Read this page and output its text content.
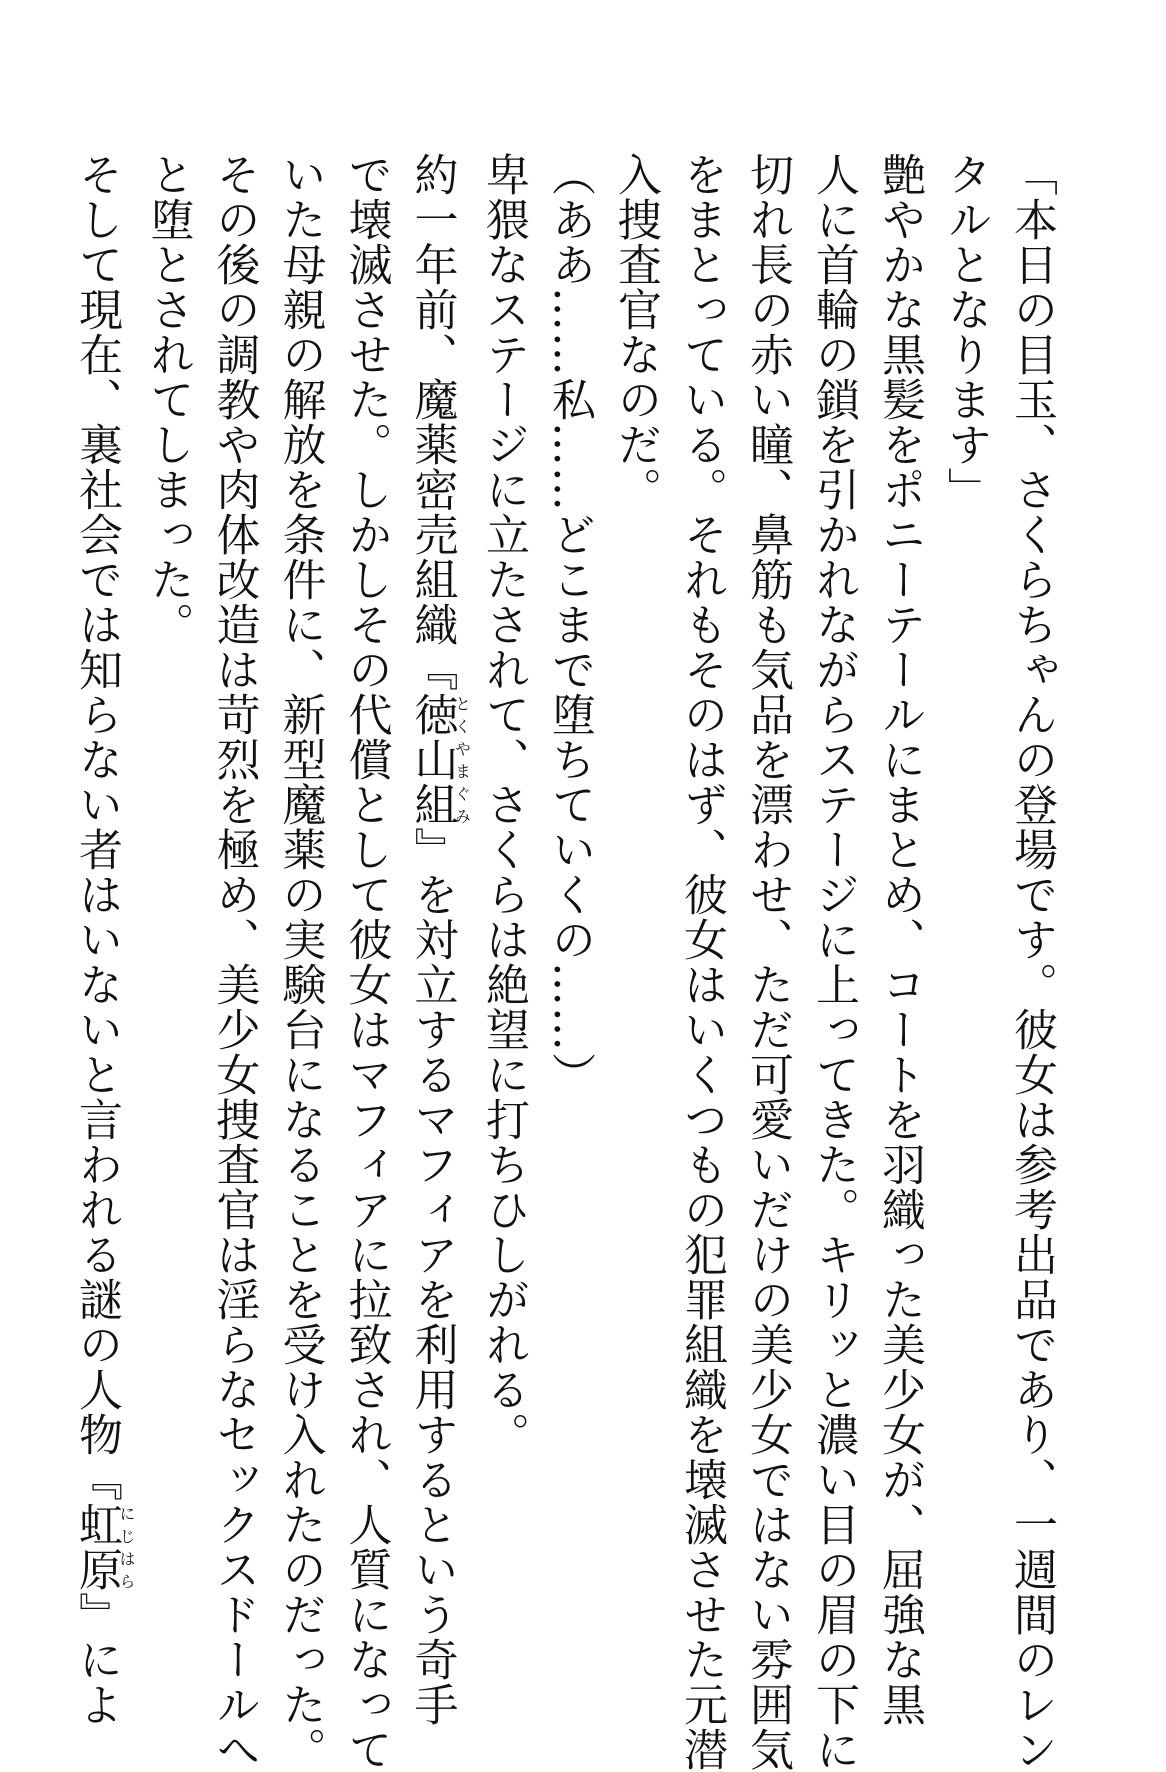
「本日の目玉、さくらちゃんの登場です。彼女は参考出品であり、一週間のレン

タルとなります」

艶やかな黒髪をポニーテールにまとめ、コートを羽織った美少女が、屈強な黒

人に首輪の鎖を引かれながらステージに上ってきた。キリッと濃い目の眉の下に

切れ長の赤い瞳、鼻筋も気品を漂わせ、ただ可愛いだけの美少女ではない雰囲気

をまとっている。それもそのはず、彼女はいくつもの犯罪組織を壊滅させた元潜

入捜査官なのだ。

（ああ……私……どこまで堕ちていくの……）

卑猥なステージに立たされて、さくらは絶望に打ちひしがれる。

約一年前、魔薬密売組織『徳山組とくやまぐみ』を対立するマフィアを利用するという奇手

で壊滅させた。しかしその代償として彼女はマフィアに拉致され、人質になって

いた母親の解放を条件に、新型魔薬の実験台になることを受け入れたのだった。

その後の調教や肉体改造は苛烈を極め、美少女捜査官は淫らなセックスドールへ

と堕とされてしまった。

そして現在、裏社会では知らない者はいないと言われる謎の人物『虹原にじはら』によ
